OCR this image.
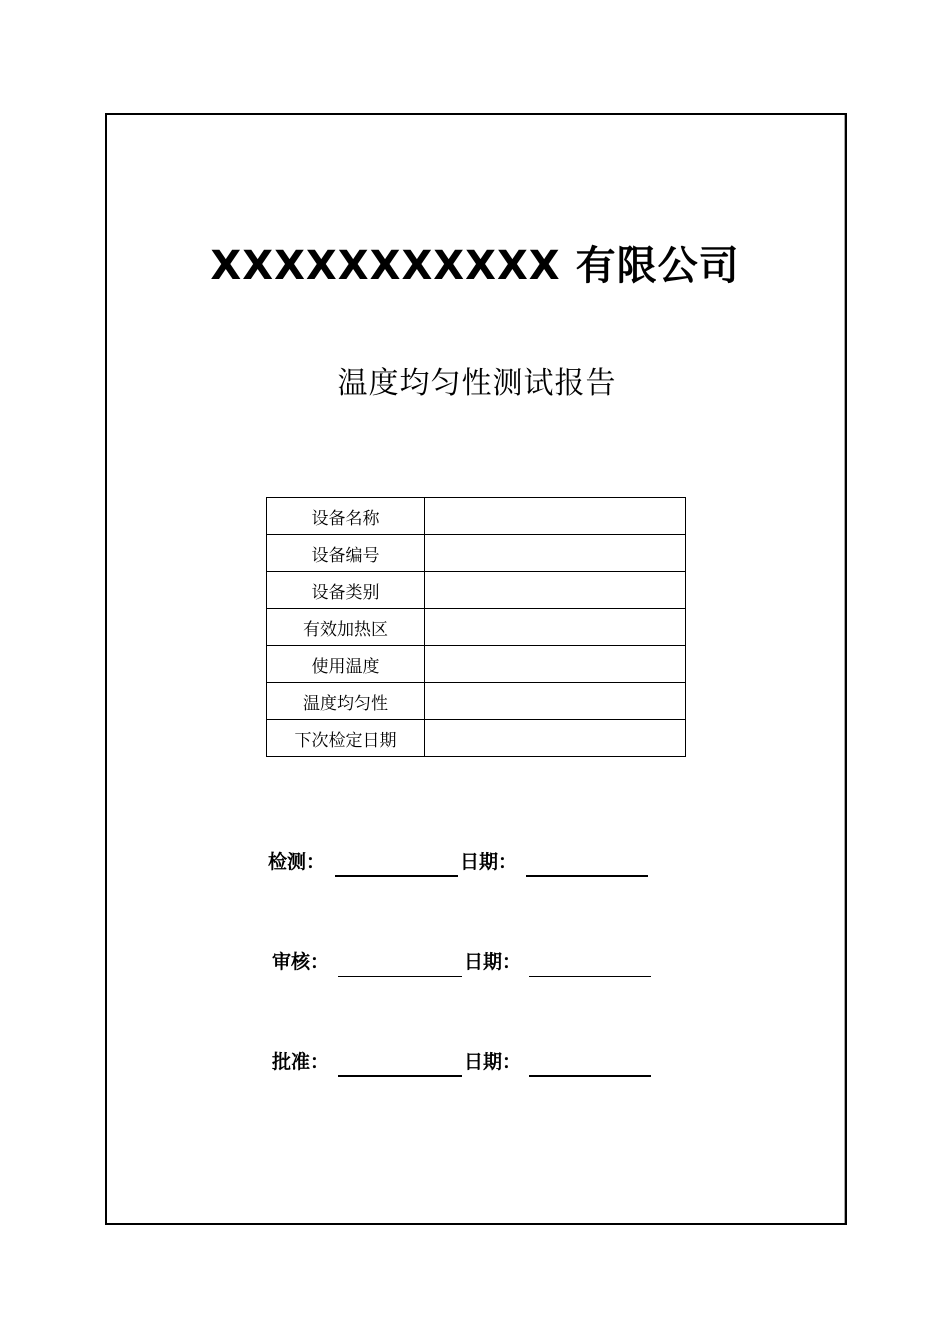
XXXXXXXXXXX 有限公司
温度均匀性测试报告
设备名称	
设备编号	
设备类别	
有效加热区	
使用温度	
温度均匀性	
下次检定日期	
检测：	日期：
审核：	日期：
批准：	日期：
